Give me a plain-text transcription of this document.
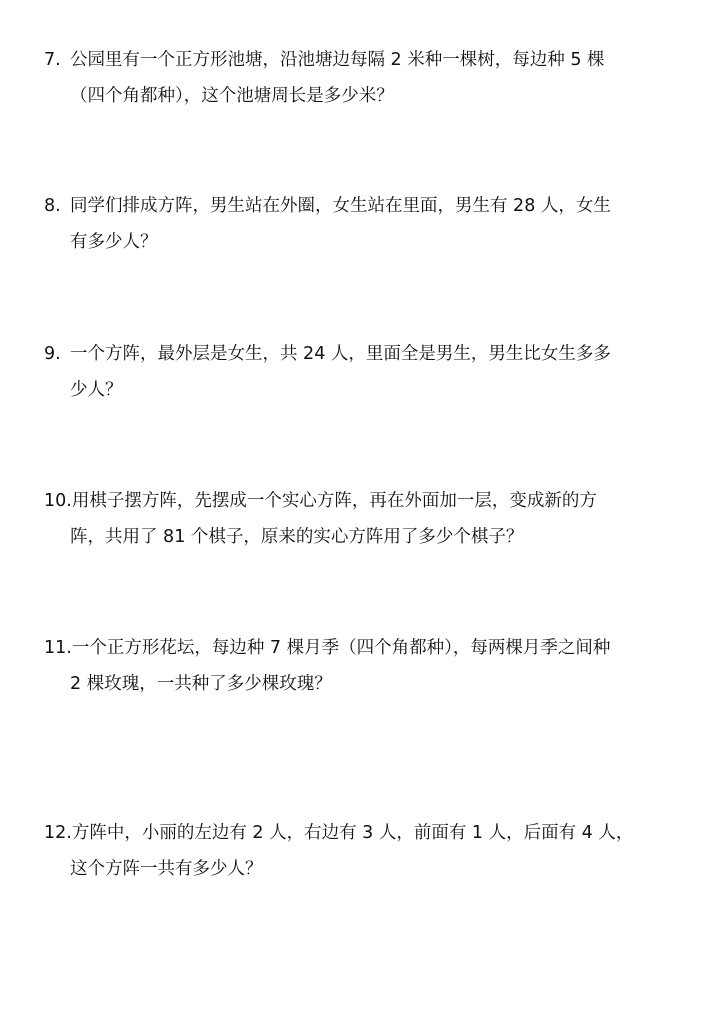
7. 公园里有一个正方形池塘，沿池塘边每隔 2 米种一棵树，每边种 5 棵
（四个角都种），这个池塘周长是多少米？
8. 同学们排成方阵，男生站在外圈，女生站在里面，男生有 28 人，女生
有多少人？
9. 一个方阵，最外层是女生，共 24 人，里面全是男生，男生比女生多多
少人？
10.用棋子摆方阵，先摆成一个实心方阵，再在外面加一层，变成新的方
阵，共用了 81 个棋子，原来的实心方阵用了多少个棋子？
11.一个正方形花坛，每边种 7 棵月季（四个角都种），每两棵月季之间种
2 棵玫瑰，一共种了多少棵玫瑰？
12.方阵中，小丽的左边有 2 人，右边有 3 人，前面有 1 人，后面有 4 人，
这个方阵一共有多少人？
